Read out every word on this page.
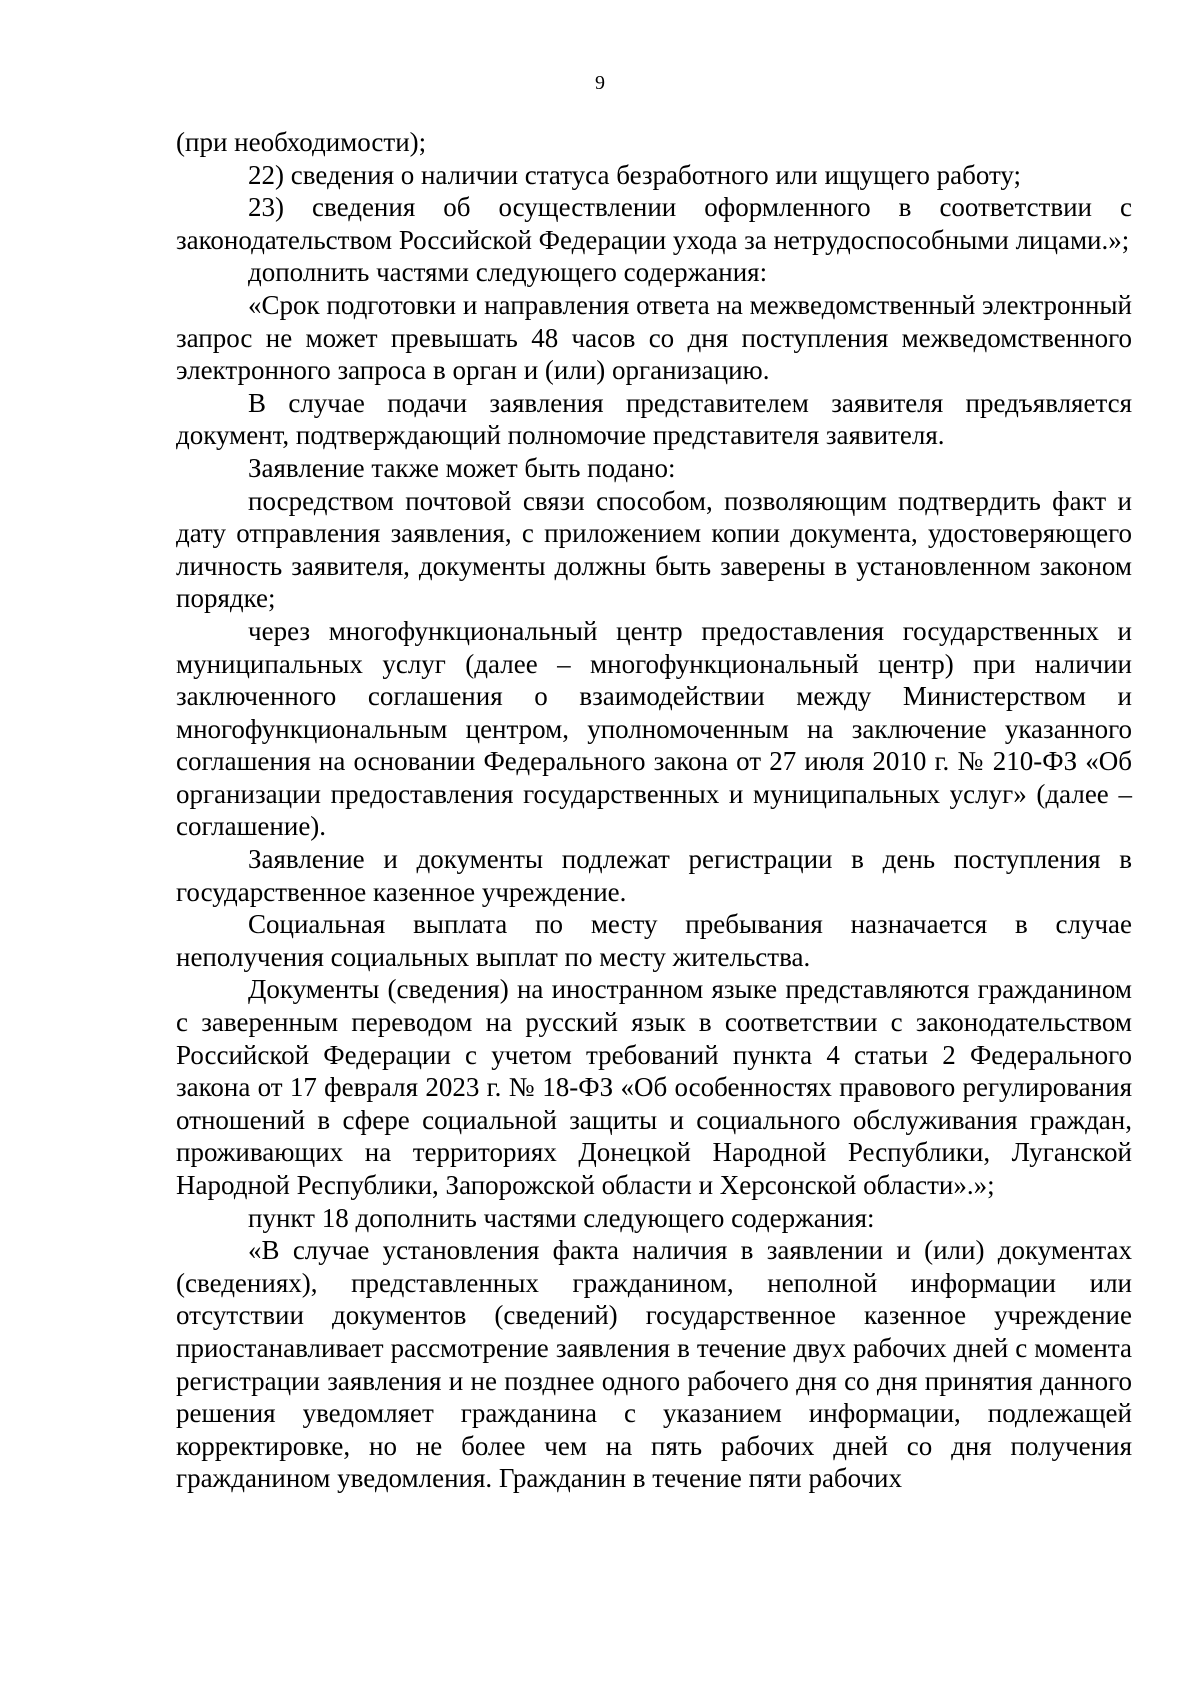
9

(при необходимости);

22) сведения о наличии статуса безработного или ищущего работу;

23) сведения об осуществлении оформленного в соответствии с законодательством Российской Федерации ухода за нетрудоспособными лицами.»;

дополнить частями следующего содержания:

«Срок подготовки и направления ответа на межведомственный электронный запрос не может превышать 48 часов со дня поступления межведомственного электронного запроса в орган и (или) организацию.

В случае подачи заявления представителем заявителя предъявляется документ, подтверждающий полномочие представителя заявителя.

Заявление также может быть подано:

посредством почтовой связи способом, позволяющим подтвердить факт и дату отправления заявления, с приложением копии документа, удостоверяющего личность заявителя, документы должны быть заверены в установленном законом порядке;

через многофункциональный центр предоставления государственных и муниципальных услуг (далее – многофункциональный центр) при наличии заключенного соглашения о взаимодействии между Министерством и многофункциональным центром, уполномоченным на заключение указанного соглашения на основании Федерального закона от 27 июля 2010 г. № 210-ФЗ «Об организации предоставления государственных и муниципальных услуг» (далее – соглашение).

Заявление и документы подлежат регистрации в день поступления в государственное казенное учреждение.

Социальная выплата по месту пребывания назначается в случае неполучения социальных выплат по месту жительства.

Документы (сведения) на иностранном языке представляются гражданином с заверенным переводом на русский язык в соответствии с законодательством Российской Федерации с учетом требований пункта 4 статьи 2 Федерального закона от 17 февраля 2023 г. № 18-ФЗ «Об особенностях правового регулирования отношений в сфере социальной защиты и социального обслуживания граждан, проживающих на территориях Донецкой Народной Республики, Луганской Народной Республики, Запорожской области и Херсонской области».»;

пункт 18 дополнить частями следующего содержания:

«В случае установления факта наличия в заявлении и (или) документах (сведениях), представленных гражданином, неполной информации или отсутствии документов (сведений) государственное казенное учреждение приостанавливает рассмотрение заявления в течение двух рабочих дней с момента регистрации заявления и не позднее одного рабочего дня со дня принятия данного решения уведомляет гражданина с указанием информации, подлежащей корректировке, но не более чем на пять рабочих дней со дня получения гражданином уведомления. Гражданин в течение пяти рабочих
